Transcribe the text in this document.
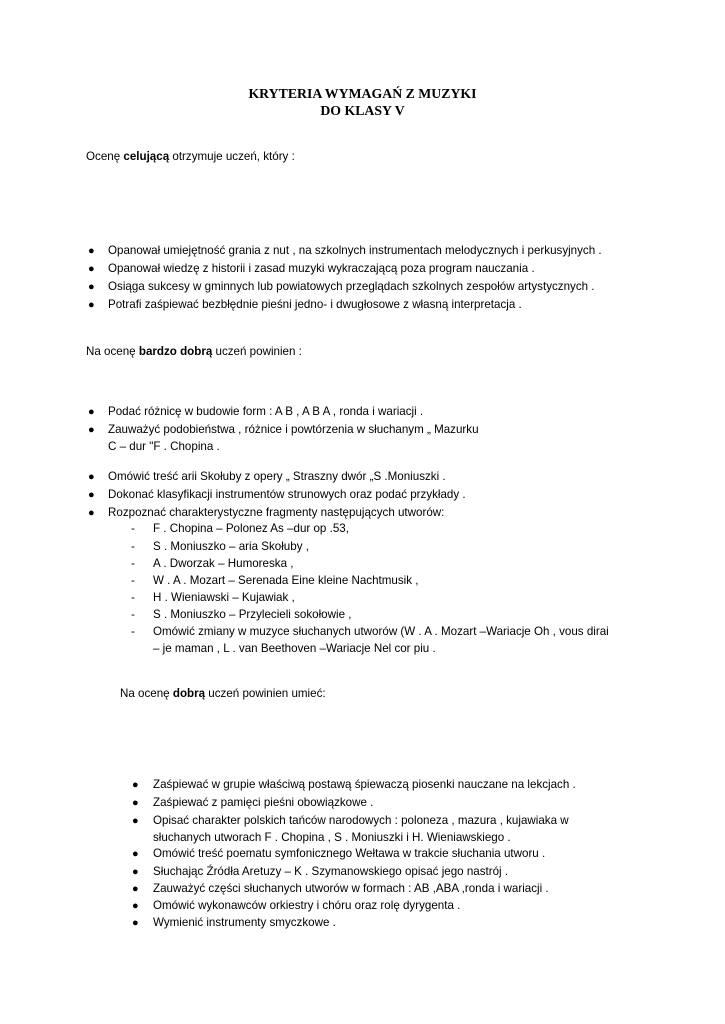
KRYTERIA WYMAGAŃ Z MUZYKI
DO KLASY V
Ocenę celującą otrzymuje uczeń, który :
● Opanował umiejętność grania z nut , na szkolnych instrumentach melodycznych i perkusyjnych .
● Opanował wiedzę z historii i zasad muzyki wykraczającą poza program nauczania .
● Osiąga sukcesy w gminnych lub powiatowych przeglądach szkolnych zespołów artystycznych .
● Potrafi zaśpiewać bezbłędnie pieśni jedno- i dwugłosowe z własną interpretacja .
Na ocenę bardzo dobrą uczeń powinien :
● Podać różnicę w budowie form : A B , A B A , ronda i wariacji .
● Zauważyć podobieństwa , różnice i powtórzenia w słuchanym „ Mazurku
C – dur "F . Chopina .
● Omówić treść arii Skołuby z opery „ Straszny dwór „S .Moniuszki .
● Dokonać klasyfikacji instrumentów strunowych oraz podać przykłady .
● Rozpoznać charakterystyczne fragmenty następujących utworów:
- F . Chopina – Polonez As –dur op .53,
- S . Moniuszko – aria Skołuby ,
- A . Dworzak – Humoreska ,
- W . A . Mozart – Serenada Eine kleine Nachtmusik ,
- H . Wieniawski – Kujawiak ,
- S . Moniuszko – Przylecieli sokołowie ,
- Omówić zmiany w muzyce słuchanych utworów (W . A . Mozart –Wariacje Oh , vous dirai
– je maman , L . van Beethoven –Wariacje Nel cor piu .
Na ocenę dobrą uczeń powinien umieć:
● Zaśpiewać w grupie właściwą postawą śpiewaczą piosenki nauczane na lekcjach .
● Zaśpiewać z pamięci pieśni obowiązkowe .
● Opisać charakter polskich tańców narodowych : poloneza , mazura , kujawiaka w
słuchanych utworach F . Chopina , S . Moniuszki i H. Wieniawskiego .
● Omówić treść poematu symfonicznego Wełtawa w trakcie słuchania utworu .
● Słuchając Źródła Aretuzy – K . Szymanowskiego opisać jego nastrój .
● Zauważyć części słuchanych utworów w formach : AB ,ABA ,ronda i wariacji .
● Omówić wykonawców orkiestry i chóru oraz rolę dyrygenta .
● Wymienić instrumenty smyczkowe .
